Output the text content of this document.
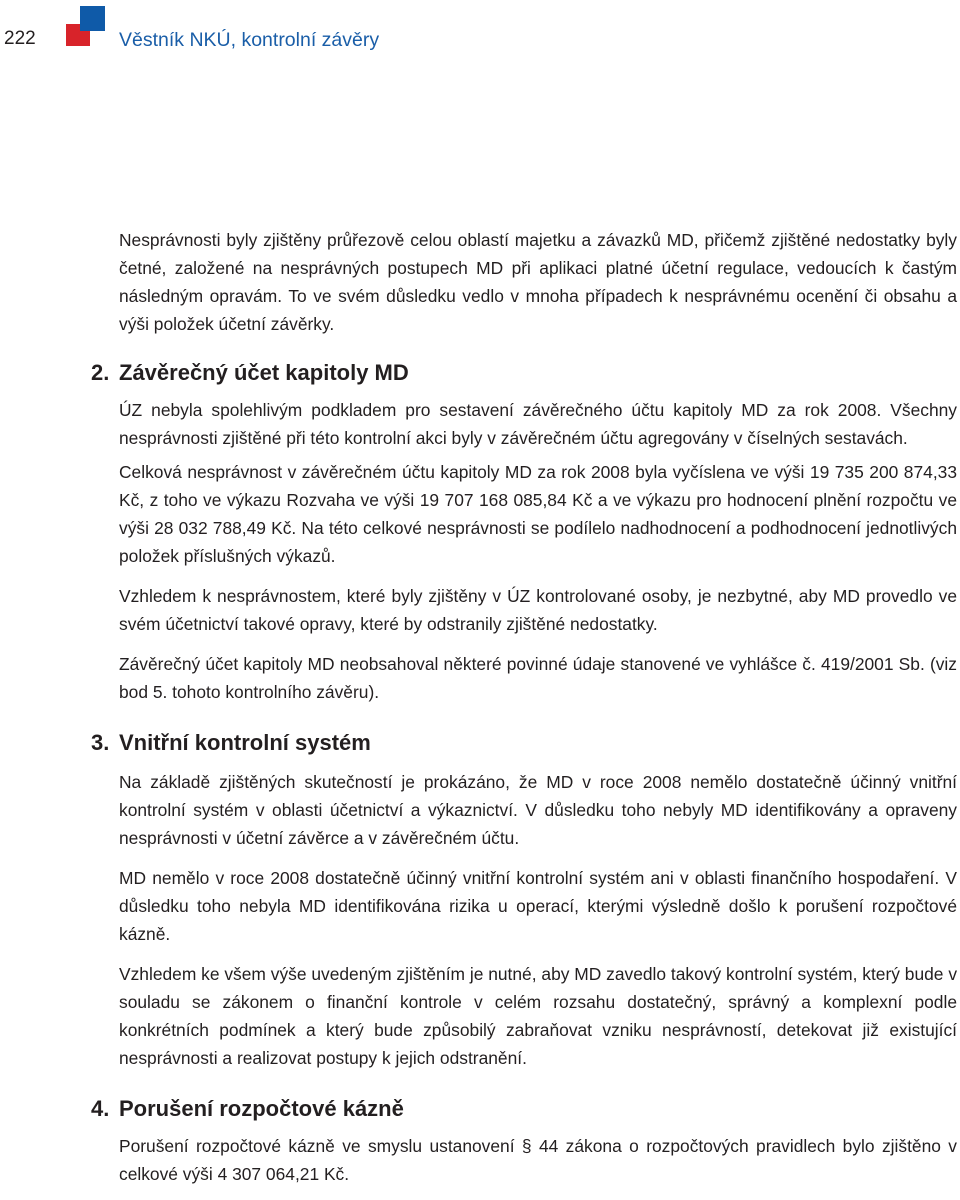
222	Věstník NKÚ, kontrolní závěry

Nesprávnosti byly zjištěny průřezově celou oblastí majetku a závazků MD, přičemž zjištěné nedostatky byly četné, založené na nesprávných postupech MD při aplikaci platné účetní regulace, vedoucích k častým následným opravám. To ve svém důsledku vedlo v mnoha případech k nesprávnému ocenění či obsahu a výši položek účetní závěrky.

2. Závěrečný účet kapitoly MD

ÚZ nebyla spolehlivým podkladem pro sestavení závěrečného účtu kapitoly MD za rok 2008. Všechny nesprávnosti zjištěné při této kontrolní akci byly v závěrečném účtu agregovány v číselných sestavách.

Celková nesprávnost v závěrečném účtu kapitoly MD za rok 2008 byla vyčíslena ve výši 19 735 200 874,33 Kč, z toho ve výkazu Rozvaha ve výši 19 707 168 085,84 Kč a ve výkazu pro hodnocení plnění rozpočtu ve výši 28 032 788,49 Kč. Na této celkové nesprávnosti se podílelo nadhodnocení a podhodnocení jednotlivých položek příslušných výkazů.

Vzhledem k nesprávnostem, které byly zjištěny v ÚZ kontrolované osoby, je nezbytné, aby MD provedlo ve svém účetnictví takové opravy, které by odstranily zjištěné nedostatky.

Závěrečný účet kapitoly MD neobsahoval některé povinné údaje stanovené ve vyhlášce č. 419/2001 Sb. (viz bod 5. tohoto kontrolního závěru).

3. Vnitřní kontrolní systém

Na základě zjištěných skutečností je prokázáno, že MD v roce 2008 nemělo dostatečně účinný vnitřní kontrolní systém v oblasti účetnictví a výkaznictví. V důsledku toho nebyly MD identifikovány a opraveny nesprávnosti v účetní závěrce a v závěrečném účtu.

MD nemělo v roce 2008 dostatečně účinný vnitřní kontrolní systém ani v oblasti finančního hospodaření. V důsledku toho nebyla MD identifikována rizika u operací, kterými výsledně došlo k porušení rozpočtové kázně.

Vzhledem ke všem výše uvedeným zjištěním je nutné, aby MD zavedlo takový kontrolní systém, který bude v souladu se zákonem o finanční kontrole v celém rozsahu dostatečný, správný a komplexní podle konkrétních podmínek a který bude způsobilý zabraňovat vzniku nesprávností, detekovat již existující nesprávnosti a realizovat postupy k jejich odstranění.

4. Porušení rozpočtové kázně

Porušení rozpočtové kázně ve smyslu ustanovení § 44 zákona o rozpočtových pravidlech bylo zjištěno v celkové výši 4 307 064,21 Kč.
